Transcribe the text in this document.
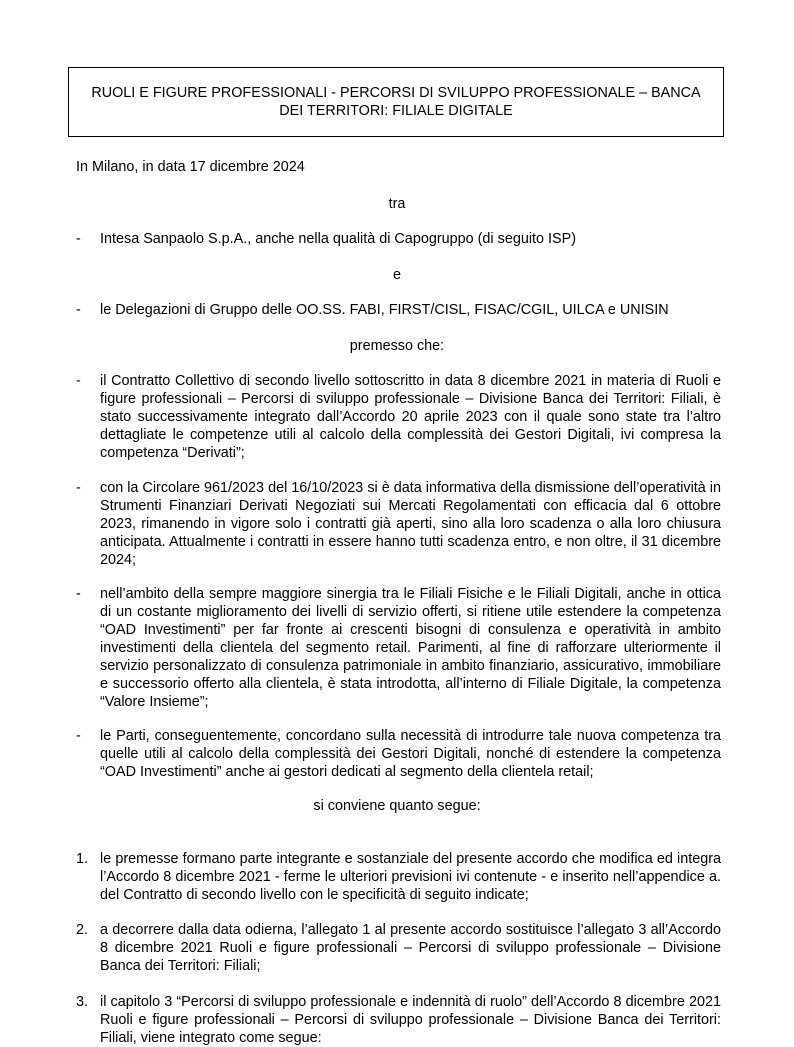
RUOLI E FIGURE PROFESSIONALI - PERCORSI DI SVILUPPO PROFESSIONALE – BANCA DEI TERRITORI: FILIALE DIGITALE
In Milano, in data 17 dicembre 2024
tra
- Intesa Sanpaolo S.p.A., anche nella qualità di Capogruppo (di seguito ISP)
e
- le Delegazioni di Gruppo delle OO.SS. FABI, FIRST/CISL, FISAC/CGIL, UILCA e UNISIN
premesso che:
- il Contratto Collettivo di secondo livello sottoscritto in data 8 dicembre 2021 in materia di Ruoli e figure professionali – Percorsi di sviluppo professionale – Divisione Banca dei Territori: Filiali, è stato successivamente integrato dall’Accordo 20 aprile 2023 con il quale sono state tra l’altro dettagliate le competenze utili al calcolo della complessità dei Gestori Digitali, ivi compresa la competenza “Derivati”;
- con la Circolare 961/2023 del 16/10/2023 si è data informativa della dismissione dell’operatività in Strumenti Finanziari Derivati Negoziati sui Mercati Regolamentati con efficacia dal 6 ottobre 2023, rimanendo in vigore solo i contratti già aperti, sino alla loro scadenza o alla loro chiusura anticipata. Attualmente i contratti in essere hanno tutti scadenza entro, e non oltre, il 31 dicembre 2024;
- nell’ambito della sempre maggiore sinergia tra le Filiali Fisiche e le Filiali Digitali, anche in ottica di un costante miglioramento dei livelli di servizio offerti, si ritiene utile estendere la competenza “OAD Investimenti” per far fronte ai crescenti bisogni di consulenza e operatività in ambito investimenti della clientela del segmento retail. Parimenti, al fine di rafforzare ulteriormente il servizio personalizzato di consulenza patrimoniale in ambito finanziario, assicurativo, immobiliare e successorio offerto alla clientela, è stata introdotta, all’interno di Filiale Digitale, la competenza “Valore Insieme”;
- le Parti, conseguentemente, concordano sulla necessità di introdurre tale nuova competenza tra quelle utili al calcolo della complessità dei Gestori Digitali, nonché di estendere la competenza “OAD Investimenti” anche ai gestori dedicati al segmento della clientela retail;
si conviene quanto segue:
1. le premesse formano parte integrante e sostanziale del presente accordo che modifica ed integra l’Accordo 8 dicembre 2021 - ferme le ulteriori previsioni ivi contenute - e inserito nell’appendice a. del Contratto di secondo livello con le specificità di seguito indicate;
2. a decorrere dalla data odierna, l’allegato 1 al presente accordo sostituisce l’allegato 3 all’Accordo 8 dicembre 2021 Ruoli e figure professionali – Percorsi di sviluppo professionale – Divisione Banca dei Territori: Filiali;
3. il capitolo 3 “Percorsi di sviluppo professionale e indennità di ruolo” dell’Accordo 8 dicembre 2021 Ruoli e figure professionali – Percorsi di sviluppo professionale – Divisione Banca dei Territori: Filiali, viene integrato come segue:
